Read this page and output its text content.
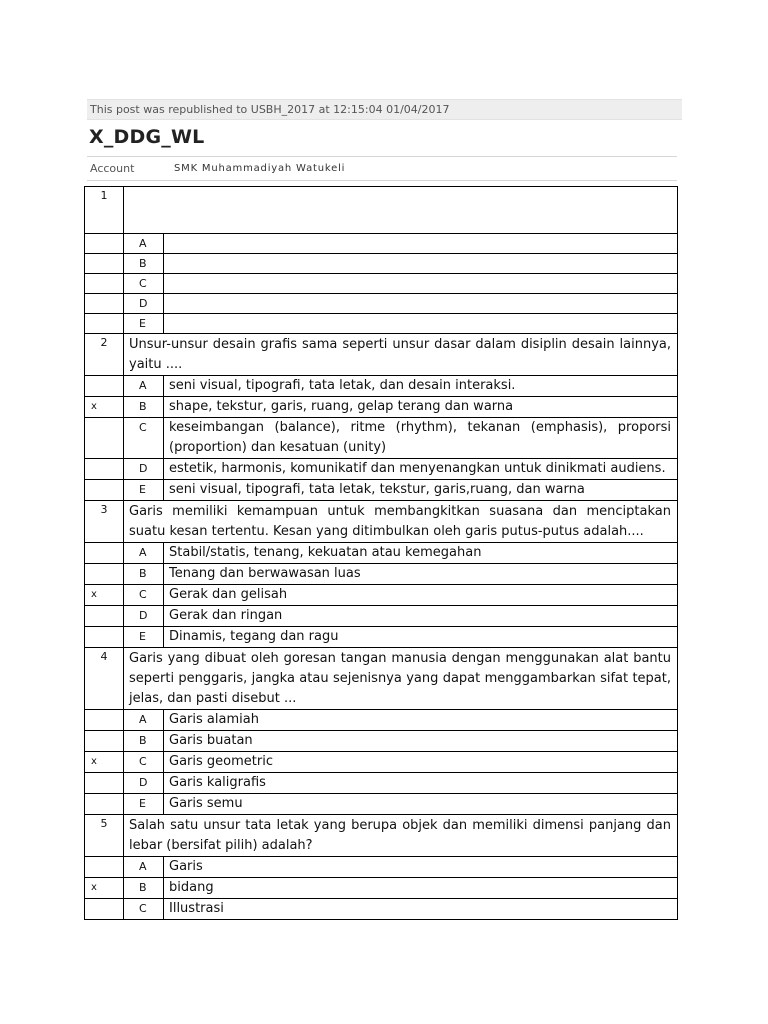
This post was republished to USBH_2017 at 12:15:04 01/04/2017
X_DDG_WL
Account	SMK Muhammadiyah Watukeli
1		
	A	
	B	
	C	
	D	
	E	
2	Unsur-unsur desain grafis sama seperti unsur dasar dalam disiplin desain lainnya, yaitu ....	
	A	seni visual, tipografi, tata letak, dan desain interaksi.
x	B	shape, tekstur, garis, ruang, gelap terang dan warna
	C	keseimbangan (balance), ritme (rhythm), tekanan (emphasis), proporsi (proportion) dan kesatuan (unity)
	D	estetik, harmonis, komunikatif dan menyenangkan untuk dinikmati audiens.
	E	seni visual, tipografi, tata letak, tekstur, garis,ruang, dan warna
3	Garis memiliki kemampuan untuk membangkitkan suasana dan menciptakan suatu kesan tertentu. Kesan yang ditimbulkan oleh garis putus-putus adalah....	
	A	Stabil/statis, tenang, kekuatan atau kemegahan
	B	Tenang dan berwawasan luas
x	C	Gerak dan gelisah
	D	Gerak dan ringan
	E	Dinamis, tegang dan ragu
4	Garis yang dibuat oleh goresan tangan manusia dengan menggunakan alat bantu seperti penggaris, jangka atau sejenisnya yang dapat menggambarkan sifat tepat, jelas, dan pasti disebut ...	
	A	Garis alamiah
	B	Garis buatan
x	C	Garis geometric
	D	Garis kaligrafis
	E	Garis semu
5	Salah satu unsur tata letak yang berupa objek dan memiliki dimensi panjang dan lebar (bersifat pilih) adalah?	
	A	Garis
x	B	bidang
	C	Illustrasi
